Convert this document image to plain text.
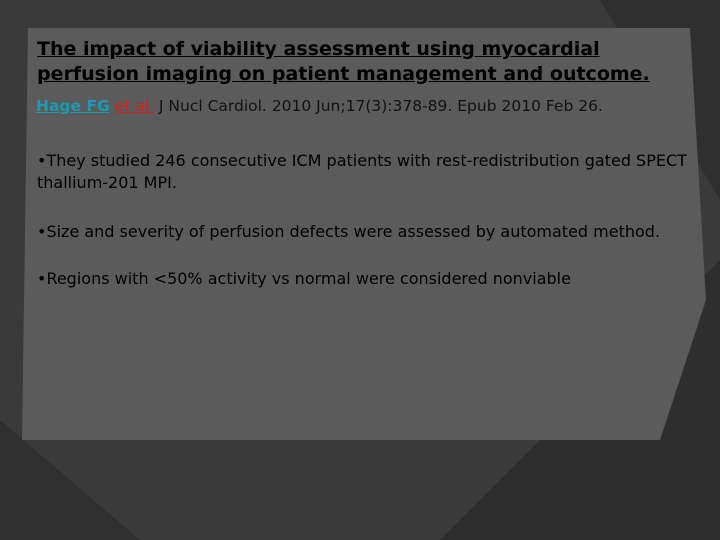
The impact of viability assessment using myocardial perfusion imaging on patient management and outcome.
Hage FG et al. J Nucl Cardiol. 2010 Jun;17(3):378-89. Epub 2010 Feb 26.
•They studied 246 consecutive ICM patients with rest-redistribution gated SPECT thallium-201 MPI.
•Size and severity of perfusion defects were assessed by automated method.
•Regions with <50% activity vs normal were considered nonviable
